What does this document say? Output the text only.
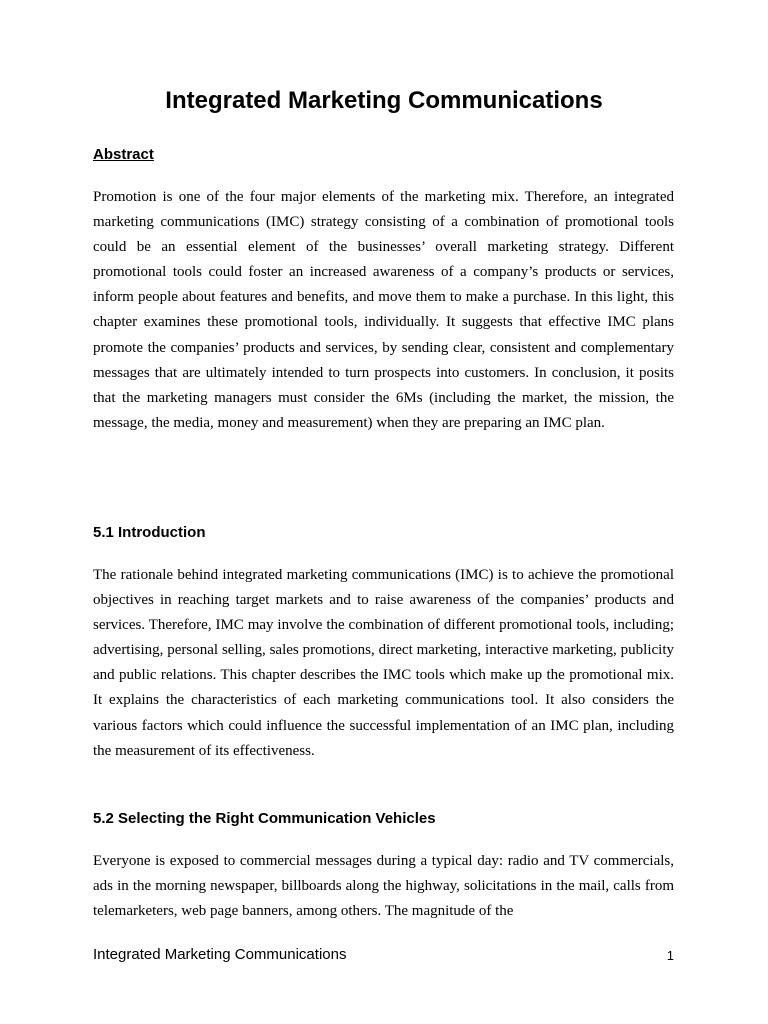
Integrated Marketing Communications
Abstract

Promotion is one of the four major elements of the marketing mix. Therefore, an integrated marketing communications (IMC) strategy consisting of a combination of promotional tools could be an essential element of the businesses’ overall marketing strategy. Different promotional tools could foster an increased awareness of a company’s products or services, inform people about features and benefits, and move them to make a purchase. In this light, this chapter examines these promotional tools, individually. It suggests that effective IMC plans promote the companies’ products and services, by sending clear, consistent and complementary messages that are ultimately intended to turn prospects into customers. In conclusion, it posits that the marketing managers must consider the 6Ms (including the market, the mission, the message, the media, money and measurement) when they are preparing an IMC plan.

5.1 Introduction

The rationale behind integrated marketing communications (IMC) is to achieve the promotional objectives in reaching target markets and to raise awareness of the companies’ products and services. Therefore, IMC may involve the combination of different promotional tools, including; advertising, personal selling, sales promotions, direct marketing, interactive marketing, publicity and public relations. This chapter describes the IMC tools which make up the promotional mix. It explains the characteristics of each marketing communications tool. It also considers the various factors which could influence the successful implementation of an IMC plan, including the measurement of its effectiveness.

5.2 Selecting the Right Communication Vehicles

Everyone is exposed to commercial messages during a typical day: radio and TV commercials, ads in the morning newspaper, billboards along the highway, solicitations in the mail, calls from telemarketers, web page banners, among others. The magnitude of the

Integrated Marketing Communications	1
